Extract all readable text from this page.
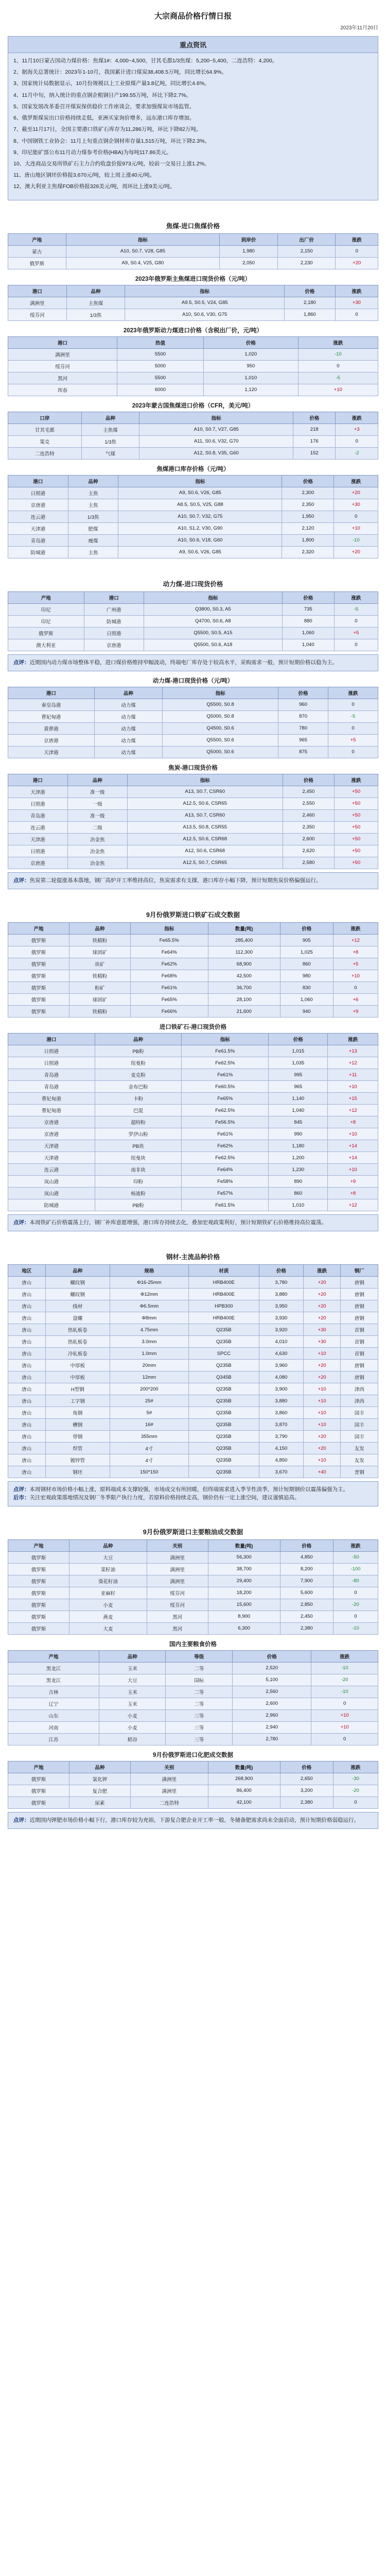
大宗商品价格行情日报
2023年11月20日
重点资讯

1、11月10日蒙古国动力煤价格：焦煤1#：4,000~4,500，甘其毛都1/3焦煤：5,200~5,400，二连浩特：4,200。

2、据海关总署统计：2023年1-10月，我国累计进口煤炭38,408.5万吨，同比增长64.9%。

3、国家统计局数据显示，10月份规模以上工业原煤产量3.8亿吨，同比增长4.6%。

4、11月中旬，纳入统计的重点钢企粗钢日产199.55万吨，环比下降2.7%。

5、国家发展改革委召开煤炭保供稳价工作座谈会，要求加强煤炭市场监管。

6、俄罗斯煤炭出口价格持续走低，亚洲买家询价增多，远东港口库存增加。

7、截至11月17日，全国主要港口铁矿石库存为11,286万吨，环比下降82万吨。

8、中国钢铁工业协会：11月上旬重点钢企钢材库存量1,515万吨，环比下降2.3%。

9、印尼能矿部公布11月动力煤参考价格(HBA)为每吨117.86美元。

10、大连商品交易所铁矿石主力合约收盘价报973元/吨，较前一交易日上涨1.2%。

11、唐山地区钢坯价格报3,670元/吨，较上周上涨40元/吨。

12、澳大利亚主焦煤FOB价格报326美元/吨，周环比上涨9美元/吨。

焦煤-进口焦煤价格
产地	指标	到岸价	出厂价	涨跌
蒙古	A10, S0.7, V28, G85	1,980	2,150	0
俄罗斯	A9, S0.4, V25, G80	2,050	2,230	+20
2023年俄罗斯主焦煤进口现货价格（元/吨）
港口	品种	指标	价格	涨跌
满洲里	主焦煤	A9.5, S0.5, V24, G85	2,180	+30
绥芬河	1/3焦	A10, S0.6, V30, G75	1,860	0
2023年俄罗斯动力煤进口价格（含税出厂价，元/吨）
港口	热值	价格	涨跌
满洲里	5500	1,020	-10
绥芬河	5000	950	0
黑河	5500	1,010	-5
珲春	6000	1,120	+10
2023年蒙古国焦煤进口价格（CFR，美元/吨）
口岸	品种	指标	价格	涨跌
甘其毛都	主焦煤	A10, S0.7, V27, G85	218	+3
策克	1/3焦	A11, S0.6, V32, G70	176	0
二连浩特	气煤	A12, S0.8, V35, G60	152	-2
焦煤港口库存价格（元/吨）
港口	品种	指标	价格	涨跌
日照港	主焦	A9, S0.6, V26, G85	2,300	+20
京唐港	主焦	A8.5, S0.5, V25, G88	2,350	+30
连云港	1/3焦	A10, S0.7, V32, G75	1,950	0
天津港	肥煤	A10, S1.2, V30, G90	2,120	+10
青岛港	瘦煤	A10, S0.6, V18, G60	1,800	-10
防城港	主焦	A9, S0.6, V26, G85	2,320	+20
动力煤-进口现货价格
产地	港口	指标	价格	涨跌
印尼	广州港	Q3800, S0.3, A5	735	-5
印尼	防城港	Q4700, S0.6, A8	880	0
俄罗斯	日照港	Q5500, S0.5, A15	1,060	+5
澳大利亚	京唐港	Q5500, S0.6, A18	1,040	0
点评：近期国内动力煤市场整体平稳，进口煤价格维持窄幅波动，终端电厂库存处于较高水平，采购需求一般，预计短期价格以稳为主。
动力煤-港口现货价格（元/吨）
港口	品种	指标	价格	涨跌
秦皇岛港	动力煤	Q5500, S0.8	960	0
曹妃甸港	动力煤	Q5000, S0.8	870	-5
黄骅港	动力煤	Q4500, S0.6	780	0
京唐港	动力煤	Q5500, S0.6	965	+5
天津港	动力煤	Q5000, S0.6	875	0
焦炭-港口现货价格
港口	品种	指标	价格	涨跌
天津港	准一级	A13, S0.7, CSR60	2,450	+50
日照港	一级	A12.5, S0.6, CSR65	2,550	+50
青岛港	准一级	A13, S0.7, CSR60	2,460	+50
连云港	二级	A13.5, S0.8, CSR55	2,350	+50
天津港	冶金焦	A12.5, S0.6, CSR68	2,600	+50
日照港	冶金焦	A12, S0.6, CSR68	2,620	+50
京唐港	冶金焦	A12.5, S0.7, CSR65	2,580	+50
点评：焦炭第二轮提涨基本落地，钢厂高炉开工率维持高位，焦炭需求有支撑，港口库存小幅下降，预计短期焦炭价格偏强运行。
9月份俄罗斯进口铁矿石成交数据
产地	品种	指标	数量(吨)	价格	涨跌
俄罗斯	铁精粉	Fe65.5%	285,400	905	+12
俄罗斯	球团矿	Fe64%	112,300	1,025	+8
俄罗斯	块矿	Fe62%	68,900	860	+5
俄罗斯	铁精粉	Fe68%	42,500	980	+10
俄罗斯	粉矿	Fe61%	36,700	830	0
俄罗斯	球团矿	Fe65%	28,100	1,060	+6
俄罗斯	铁精粉	Fe66%	21,600	940	+9
进口铁矿石-港口现货价格
港口	品种	指标	价格	涨跌
日照港	PB粉	Fe61.5%	1,015	+13
日照港	纽曼粉	Fe62.5%	1,035	+12
青岛港	麦克粉	Fe61%	995	+11
青岛港	金布巴粉	Fe60.5%	965	+10
曹妃甸港	卡粉	Fe65%	1,140	+15
曹妃甸港	巴混	Fe62.5%	1,040	+12
京唐港	超特粉	Fe56.5%	845	+8
京唐港	罗伊山粉	Fe61%	990	+10
天津港	PB块	Fe62%	1,180	+14
天津港	纽曼块	Fe62.5%	1,200	+14
连云港	南非块	Fe64%	1,230	+10
岚山港	印粉	Fe58%	890	+9
岚山港	杨迪粉	Fe57%	860	+8
防城港	PB粉	Fe61.5%	1,010	+12
点评：本周铁矿石价格震荡上行，钢厂补库意愿增强，港口库存持续去化，叠加宏观政策利好，预计短期铁矿石价格维持高位震荡。
钢材-主流品种价格
地区	品种	规格	材质	价格	涨跌	钢厂
唐山	螺纹钢	Φ16-25mm	HRB400E	3,780	+20	唐钢
唐山	螺纹钢	Φ12mm	HRB400E	3,880	+20	唐钢
唐山	线材	Φ6.5mm	HPB300	3,950	+20	唐钢
唐山	盘螺	Φ8mm	HRB400E	3,930	+20	唐钢
唐山	热轧板卷	4.75mm	Q235B	3,920	+30	首钢
唐山	热轧板卷	3.0mm	Q235B	4,010	+30	首钢
唐山	冷轧板卷	1.0mm	SPCC	4,630	+10	首钢
唐山	中厚板	20mm	Q235B	3,960	+20	唐钢
唐山	中厚板	12mm	Q345B	4,080	+20	唐钢
唐山	H型钢	200*200	Q235B	3,900	+10	津西
唐山	工字钢	25#	Q235B	3,880	+10	津西
唐山	角钢	5#	Q235B	3,860	+10	国丰
唐山	槽钢	16#	Q235B	3,870	+10	国丰
唐山	带钢	355mm	Q235B	3,790	+20	国丰
唐山	焊管	4寸	Q235B	4,150	+20	友发
唐山	镀锌管	4寸	Q235B	4,850	+10	友发
唐山	钢坯	150*150	Q235B	3,670	+40	普钢
点评：本周钢材市场价格小幅上涨，原料端成本支撑较强，市场成交有所回暖，但终端需求进入季节性淡季，预计短期钢价以震荡偏强为主。
后市：关注宏观政策落地情况及钢厂冬季限产执行力度，若原料价格持续走高，钢价仍有一定上涨空间，建议谨慎追高。
9月份俄罗斯进口主要粮油成交数据
产地	品种	关别	数量(吨)	价格	涨跌
俄罗斯	大豆	满洲里	56,300	4,850	-50
俄罗斯	菜籽油	满洲里	38,700	8,200	-100
俄罗斯	葵花籽油	满洲里	29,400	7,900	-80
俄罗斯	亚麻籽	绥芬河	18,200	5,600	0
俄罗斯	小麦	绥芬河	15,600	2,850	-20
俄罗斯	燕麦	黑河	8,900	2,450	0
俄罗斯	大麦	黑河	6,300	2,380	-10
国内主要粮食价格
产地	品种	等级	价格	涨跌
黑龙江	玉米	二等	2,520	-10
黑龙江	大豆	国标	5,100	-20
吉林	玉米	二等	2,560	-10
辽宁	玉米	二等	2,600	0
山东	小麦	三等	2,960	+10
河南	小麦	三等	2,940	+10
江苏	稻谷	三等	2,780	0
9月份俄罗斯进口化肥成交数据
产地	品种	关别	数量(吨)	价格	涨跌
俄罗斯	氯化钾	满洲里	268,900	2,650	-30
俄罗斯	复合肥	满洲里	86,400	3,200	-20
俄罗斯	尿素	二连浩特	42,100	2,380	0
点评：近期国内钾肥市场价格小幅下行，港口库存较为充裕，下游复合肥企业开工率一般，冬储备肥需求尚未全面启动，预计短期价格弱稳运行。
